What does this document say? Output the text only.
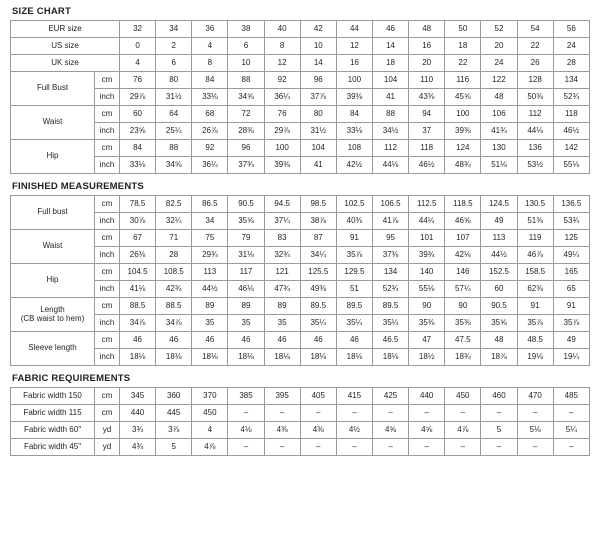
SIZE CHART
EUR size		32	34	36	38	40	42	44	46	48	50	52	54	56
US size		0	2	4	6	8	10	12	14	16	18	20	22	24
UK size		4	6	8	10	12	14	16	18	20	22	24	26	28
Full Bust	cm	76	80	84	88	92	96	100	104	110	116	122	128	134
	inch	29⅞	31½	33⅛	34⅝	36¼	37⅞	39⅜	41	43⅜	45⅝	48	50⅜	52¾
Waist	cm	60	64	68	72	76	80	84	88	94	100	106	112	118
	inch	23⅝	25¼	26⅞	28⅜	29⅞	31½	33⅛	34½	37	39⅜	41¾	44⅛	46½
Hip	cm	84	88	92	96	100	104	108	112	118	124	130	136	142
	inch	33⅛	34⅝	36¼	37¾	39⅜	41	42½	44⅛	46½	48¾	51⅛	53½	55⅛
FINISHED MEASUREMENTS
Full bust	cm	78.5	82.5	86.5	90.5	94.5	98.5	102.5	106.5	112.5	118.5	124.5	130.5	136.5
	inch	30⅞	32¼	34	35⅝	37¼	38⅞	40⅜	41⅞	44¼	46⅝	49	51⅜	53¾
Waist	cm	67	71	75	79	83	87	91	95	101	107	113	119	125
	inch	26⅜	28	29¾	31⅛	32¾	34¼	35⅞	37⅜	39¾	42⅛	44½	46⅞	49¼
Hip	cm	104.5	108.5	113	117	121	125.5	129.5	134	140	146	152.5	158.5	165
	inch	41⅛	42¾	44½	46⅛	47¾	49⅜	51	52¾	55⅛	57¼	60	62⅜	65

Length
(CB waist to hem)	cm	88.5	88.5	89	89	89	89.5	89.5	89.5	90	90	90.5	91	91
	inch	34⅞	34⅞	35	35	35	35¼	35¼	35¼	35⅜	35⅜	35⅝	35⅞	35⅞
Sleeve length	cm	46	46	46	46	46	46	46	46.5	47	47.5	48	48.5	49
	inch	18⅛	18⅛	18⅛	18⅛	18⅛	18⅛	18⅛	18⅛	18½	18¾	18⅞	19⅛	19¼
FABRIC REQUIREMENTS
Fabric width 150	cm	345	360	370	385	395	405	415	425	440	450	460	470	485
Fabric width 115	cm	440	445	450	–	–	–	–	–	–	–	–	–	–
Fabric width 60"	yd	3¾	3⅞	4	4⅛	4⅜	4⅜	4½	4⅝	4⅝	4⅞	5	5⅛	5¼
Fabric width 45"	yd	4¾	5	4⅞	–	–	–	–	–	–	–	–	–	–
